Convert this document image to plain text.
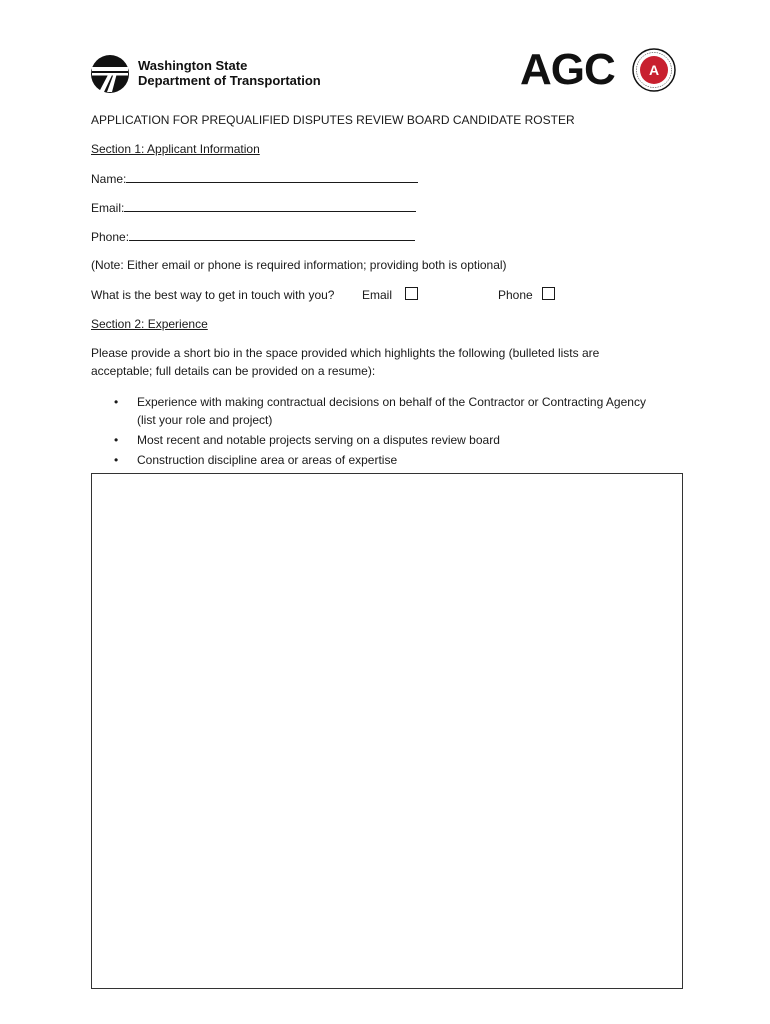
Washington State
Department of Transportation	AGC A
APPLICATION FOR PREQUALIFIED DISPUTES REVIEW BOARD CANDIDATE ROSTER
Section 1: Applicant Information
Name:
Email:
Phone:
(Note: Either email or phone is required information; providing both is optional)
What is the best way to get in touch with you? Email	Phone
Section 2: Experience
Please provide a short bio in the space provided which highlights the following (bulleted lists are
acceptable; full details can be provided on a resume):
• Experience with making contractual decisions on behalf of the Contractor or Contracting Agency
(list your role and project)
• Most recent and notable projects serving on a disputes review board
• Construction discipline area or areas of expertise
